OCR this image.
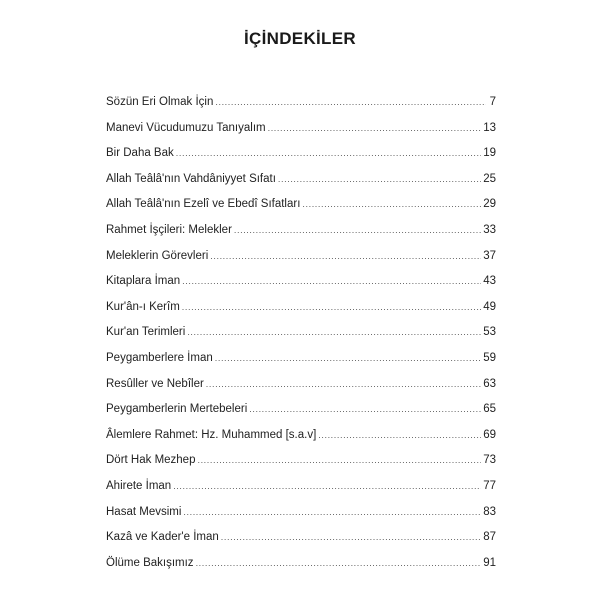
İÇİNDEKİLER
Sözün Eri Olmak İçin .....	7
Manevi Vücudumuzu Tanıyalım .....	13
Bir Daha Bak .....	19
Allah Teâlâ'nın Vahdâniyyet Sıfatı .....	25
Allah Teâlâ'nın Ezelî ve Ebedî Sıfatları .....	29
Rahmet İşçileri: Melekler .....	33
Meleklerin Görevleri .....	37
Kitaplara İman .....	43
Kur'ân-ı Kerîm .....	49
Kur'an Terimleri .....	53
Peygamberlere İman .....	59
Resûller ve Nebîler .....	63
Peygamberlerin Mertebeleri .....	65
Âlemlere Rahmet: Hz. Muhammed [s.a.v] .....	69
Dört Hak Mezhep .....	73
Ahirete İman .....	77
Hasat Mevsimi .....	83
Kazâ ve Kader'e İman .....	87
Ölüme Bakışımız .....	91
